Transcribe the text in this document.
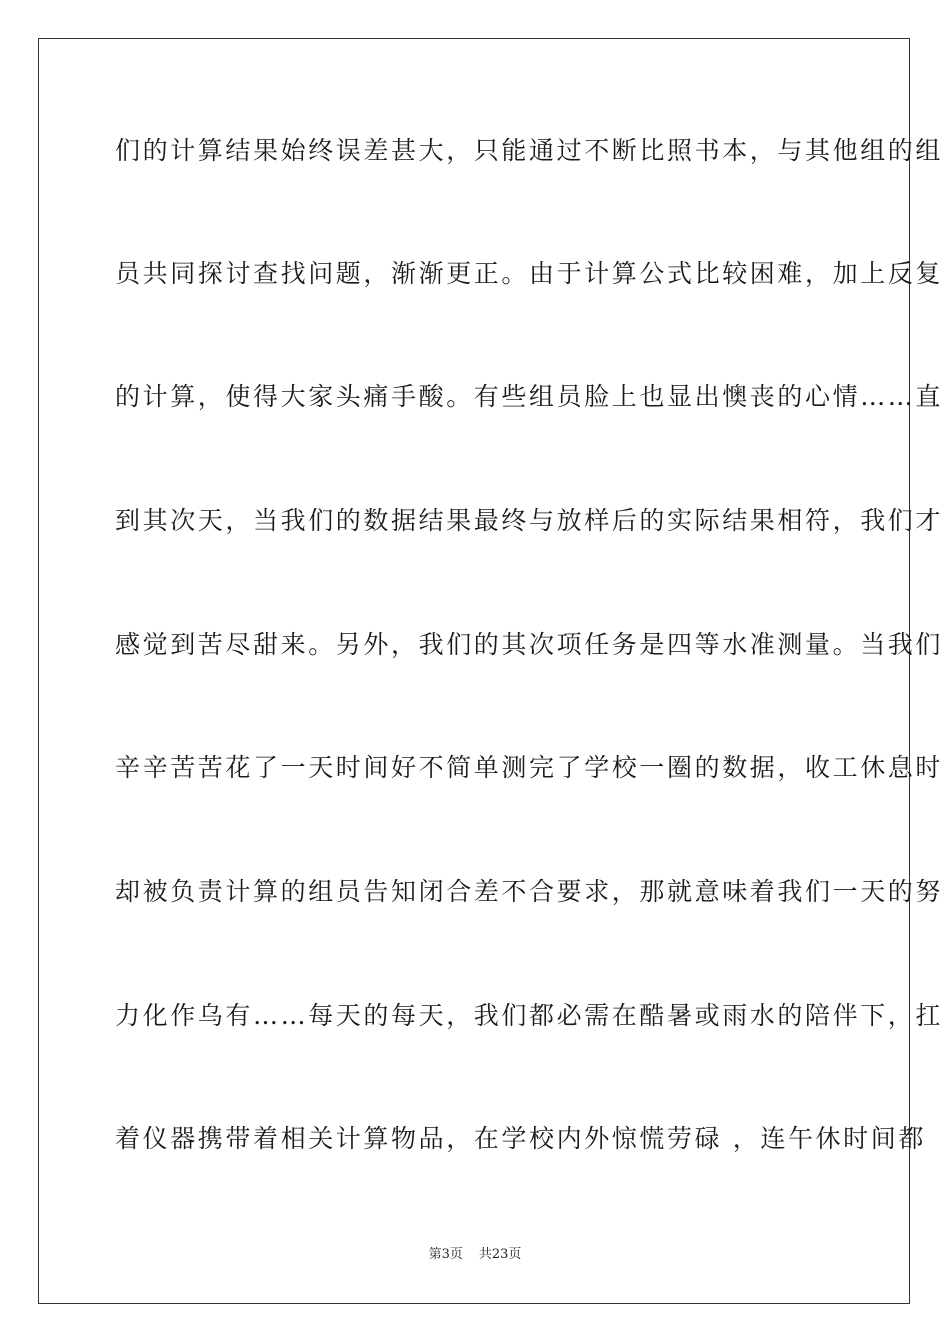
们的计算结果始终误差甚大，只能通过不断比照书本，与其他组的组
员共同探讨查找问题，渐渐更正。由于计算公式比较困难，加上反复
的计算，使得大家头痛手酸。有些组员脸上也显出懊丧的心情……直
到其次天，当我们的数据结果最终与放样后的实际结果相符，我们才
感觉到苦尽甜来。另外，我们的其次项任务是四等水准测量。当我们
辛辛苦苦花了一天时间好不简单测完了学校一圈的数据，收工休息时
却被负责计算的组员告知闭合差不合要求，那就意味着我们一天的努
力化作乌有……每天的每天，我们都必需在酷暑或雨水的陪伴下，扛
着仪器携带着相关计算物品，在学校内外惊慌劳碌 ，连午休时间都
第3页 共23页
